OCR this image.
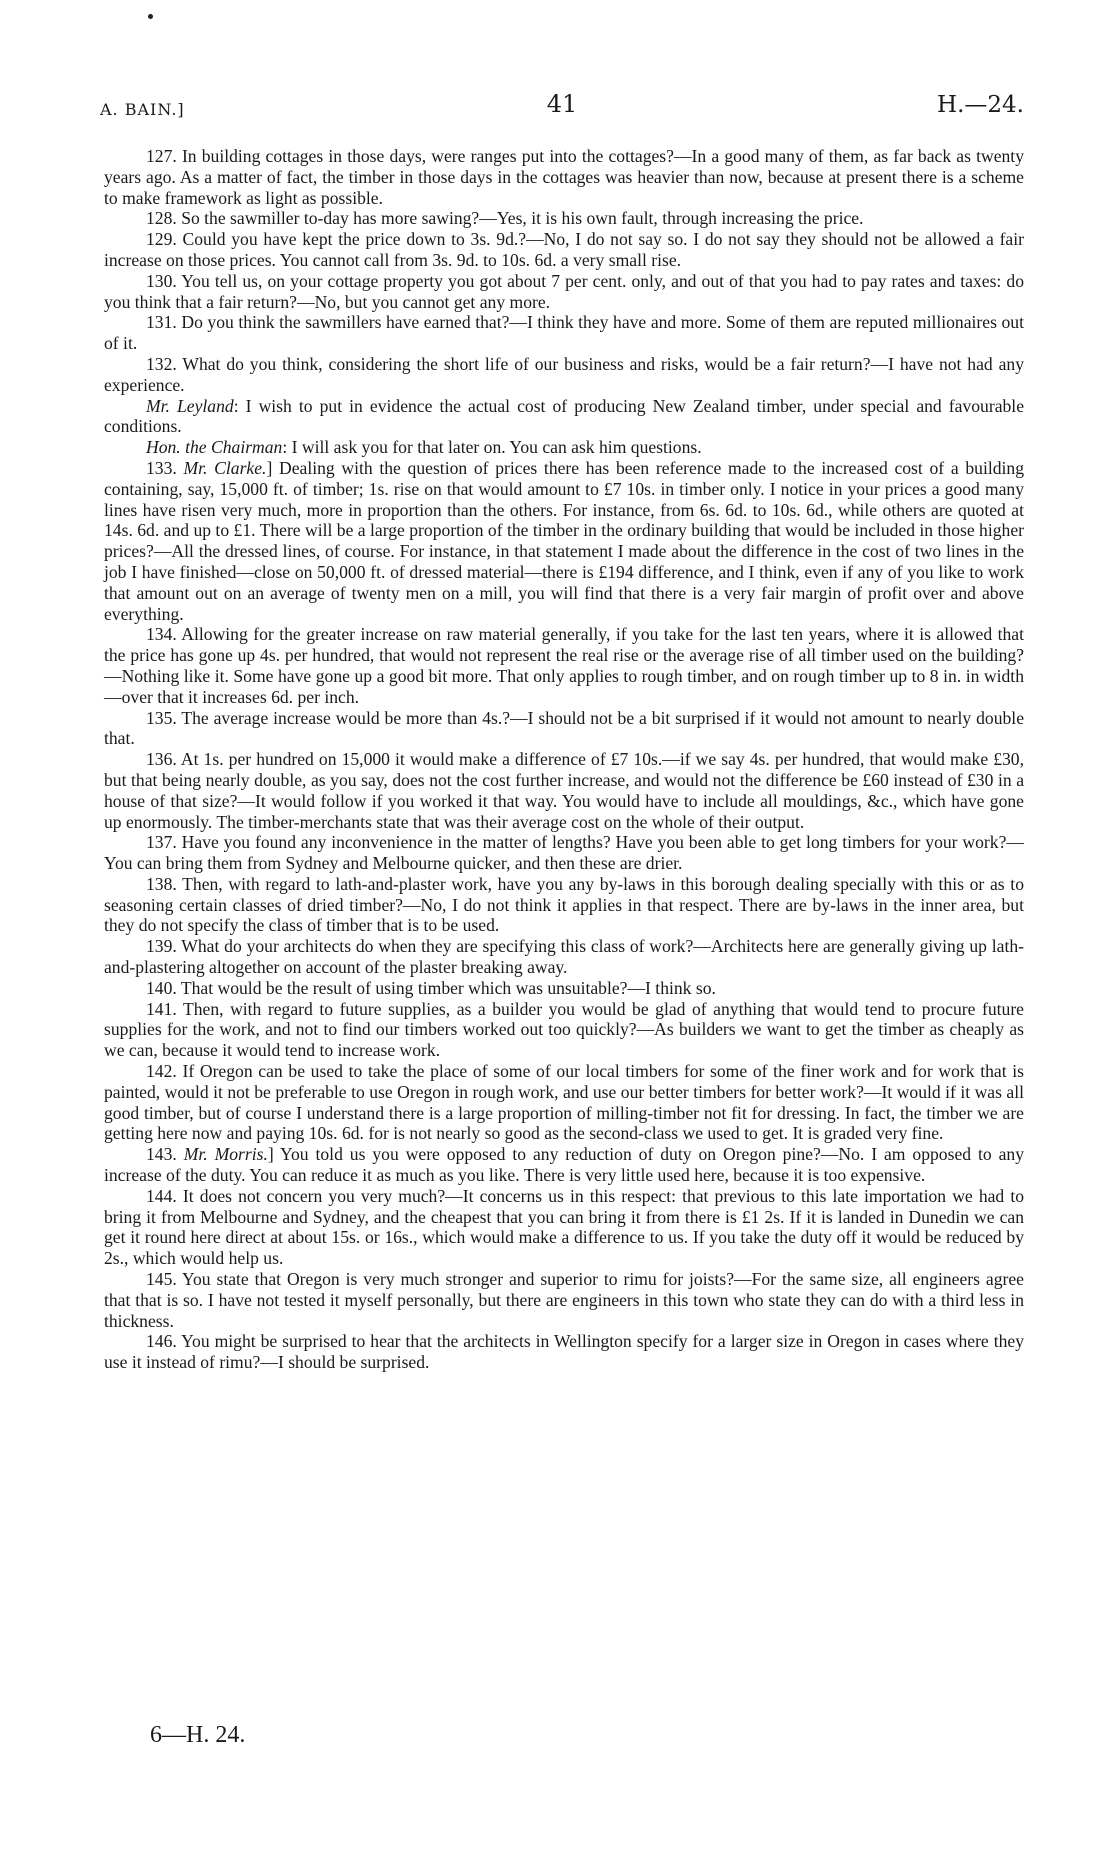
A. BAIN.]	41	H.—24.

127. In building cottages in those days, were ranges put into the cottages?—In a good many of them, as far back as twenty years ago. As a matter of fact, the timber in those days in the cottages was heavier than now, because at present there is a scheme to make framework as light as possible.

128. So the sawmiller to-day has more sawing?—Yes, it is his own fault, through increasing the price.

129. Could you have kept the price down to 3s. 9d.?—No, I do not say so. I do not say they should not be allowed a fair increase on those prices. You cannot call from 3s. 9d. to 10s. 6d. a very small rise.

130. You tell us, on your cottage property you got about 7 per cent. only, and out of that you had to pay rates and taxes: do you think that a fair return?—No, but you cannot get any more.

131. Do you think the sawmillers have earned that?—I think they have and more. Some of them are reputed millionaires out of it.

132. What do you think, considering the short life of our business and risks, would be a fair return?—I have not had any experience.

Mr. Leyland: I wish to put in evidence the actual cost of producing New Zealand timber, under special and favourable conditions.

Hon. the Chairman: I will ask you for that later on. You can ask him questions.

133. Mr. Clarke.] Dealing with the question of prices there has been reference made to the increased cost of a building containing, say, 15,000 ft. of timber; 1s. rise on that would amount to £7 10s. in timber only. I notice in your prices a good many lines have risen very much, more in proportion than the others. For instance, from 6s. 6d. to 10s. 6d., while others are quoted at 14s. 6d. and up to £1. There will be a large proportion of the timber in the ordinary building that would be included in those higher prices?—All the dressed lines, of course. For instance, in that statement I made about the difference in the cost of two lines in the job I have finished—close on 50,000 ft. of dressed material—there is £194 difference, and I think, even if any of you like to work that amount out on an average of twenty men on a mill, you will find that there is a very fair margin of profit over and above everything.

134. Allowing for the greater increase on raw material generally, if you take for the last ten years, where it is allowed that the price has gone up 4s. per hundred, that would not represent the real rise or the average rise of all timber used on the building?—Nothing like it. Some have gone up a good bit more. That only applies to rough timber, and on rough timber up to 8 in. in width —over that it increases 6d. per inch.

135. The average increase would be more than 4s.?—I should not be a bit surprised if it would not amount to nearly double that.

136. At 1s. per hundred on 15,000 it would make a difference of £7 10s.—if we say 4s. per hundred, that would make £30, but that being nearly double, as you say, does not the cost further increase, and would not the difference be £60 instead of £30 in a house of that size?—It would follow if you worked it that way. You would have to include all mouldings, &c., which have gone up enormously. The timber-merchants state that was their average cost on the whole of their output.

137. Have you found any inconvenience in the matter of lengths? Have you been able to get long timbers for your work?—You can bring them from Sydney and Melbourne quicker, and then these are drier.

138. Then, with regard to lath-and-plaster work, have you any by-laws in this borough dealing specially with this or as to seasoning certain classes of dried timber?—No, I do not think it applies in that respect. There are by-laws in the inner area, but they do not specify the class of timber that is to be used.

139. What do your architects do when they are specifying this class of work?—Architects here are generally giving up lath-and-plastering altogether on account of the plaster breaking away.

140. That would be the result of using timber which was unsuitable?—I think so.

141. Then, with regard to future supplies, as a builder you would be glad of anything that would tend to procure future supplies for the work, and not to find our timbers worked out too quickly?—As builders we want to get the timber as cheaply as we can, because it would tend to increase work.

142. If Oregon can be used to take the place of some of our local timbers for some of the finer work and for work that is painted, would it not be preferable to use Oregon in rough work, and use our better timbers for better work?—It would if it was all good timber, but of course I understand there is a large proportion of milling-timber not fit for dressing. In fact, the timber we are getting here now and paying 10s. 6d. for is not nearly so good as the second-class we used to get. It is graded very fine.

143. Mr. Morris.] You told us you were opposed to any reduction of duty on Oregon pine?—No. I am opposed to any increase of the duty. You can reduce it as much as you like. There is very little used here, because it is too expensive.

144. It does not concern you very much?—It concerns us in this respect: that previous to this late importation we had to bring it from Melbourne and Sydney, and the cheapest that you can bring it from there is £1 2s. If it is landed in Dunedin we can get it round here direct at about 15s. or 16s., which would make a difference to us. If you take the duty off it would be reduced by 2s., which would help us.

145. You state that Oregon is very much stronger and superior to rimu for joists?—For the same size, all engineers agree that that is so. I have not tested it myself personally, but there are engineers in this town who state they can do with a third less in thickness.

146. You might be surprised to hear that the architects in Wellington specify for a larger size in Oregon in cases where they use it instead of rimu?—I should be surprised.

6—H. 24.
